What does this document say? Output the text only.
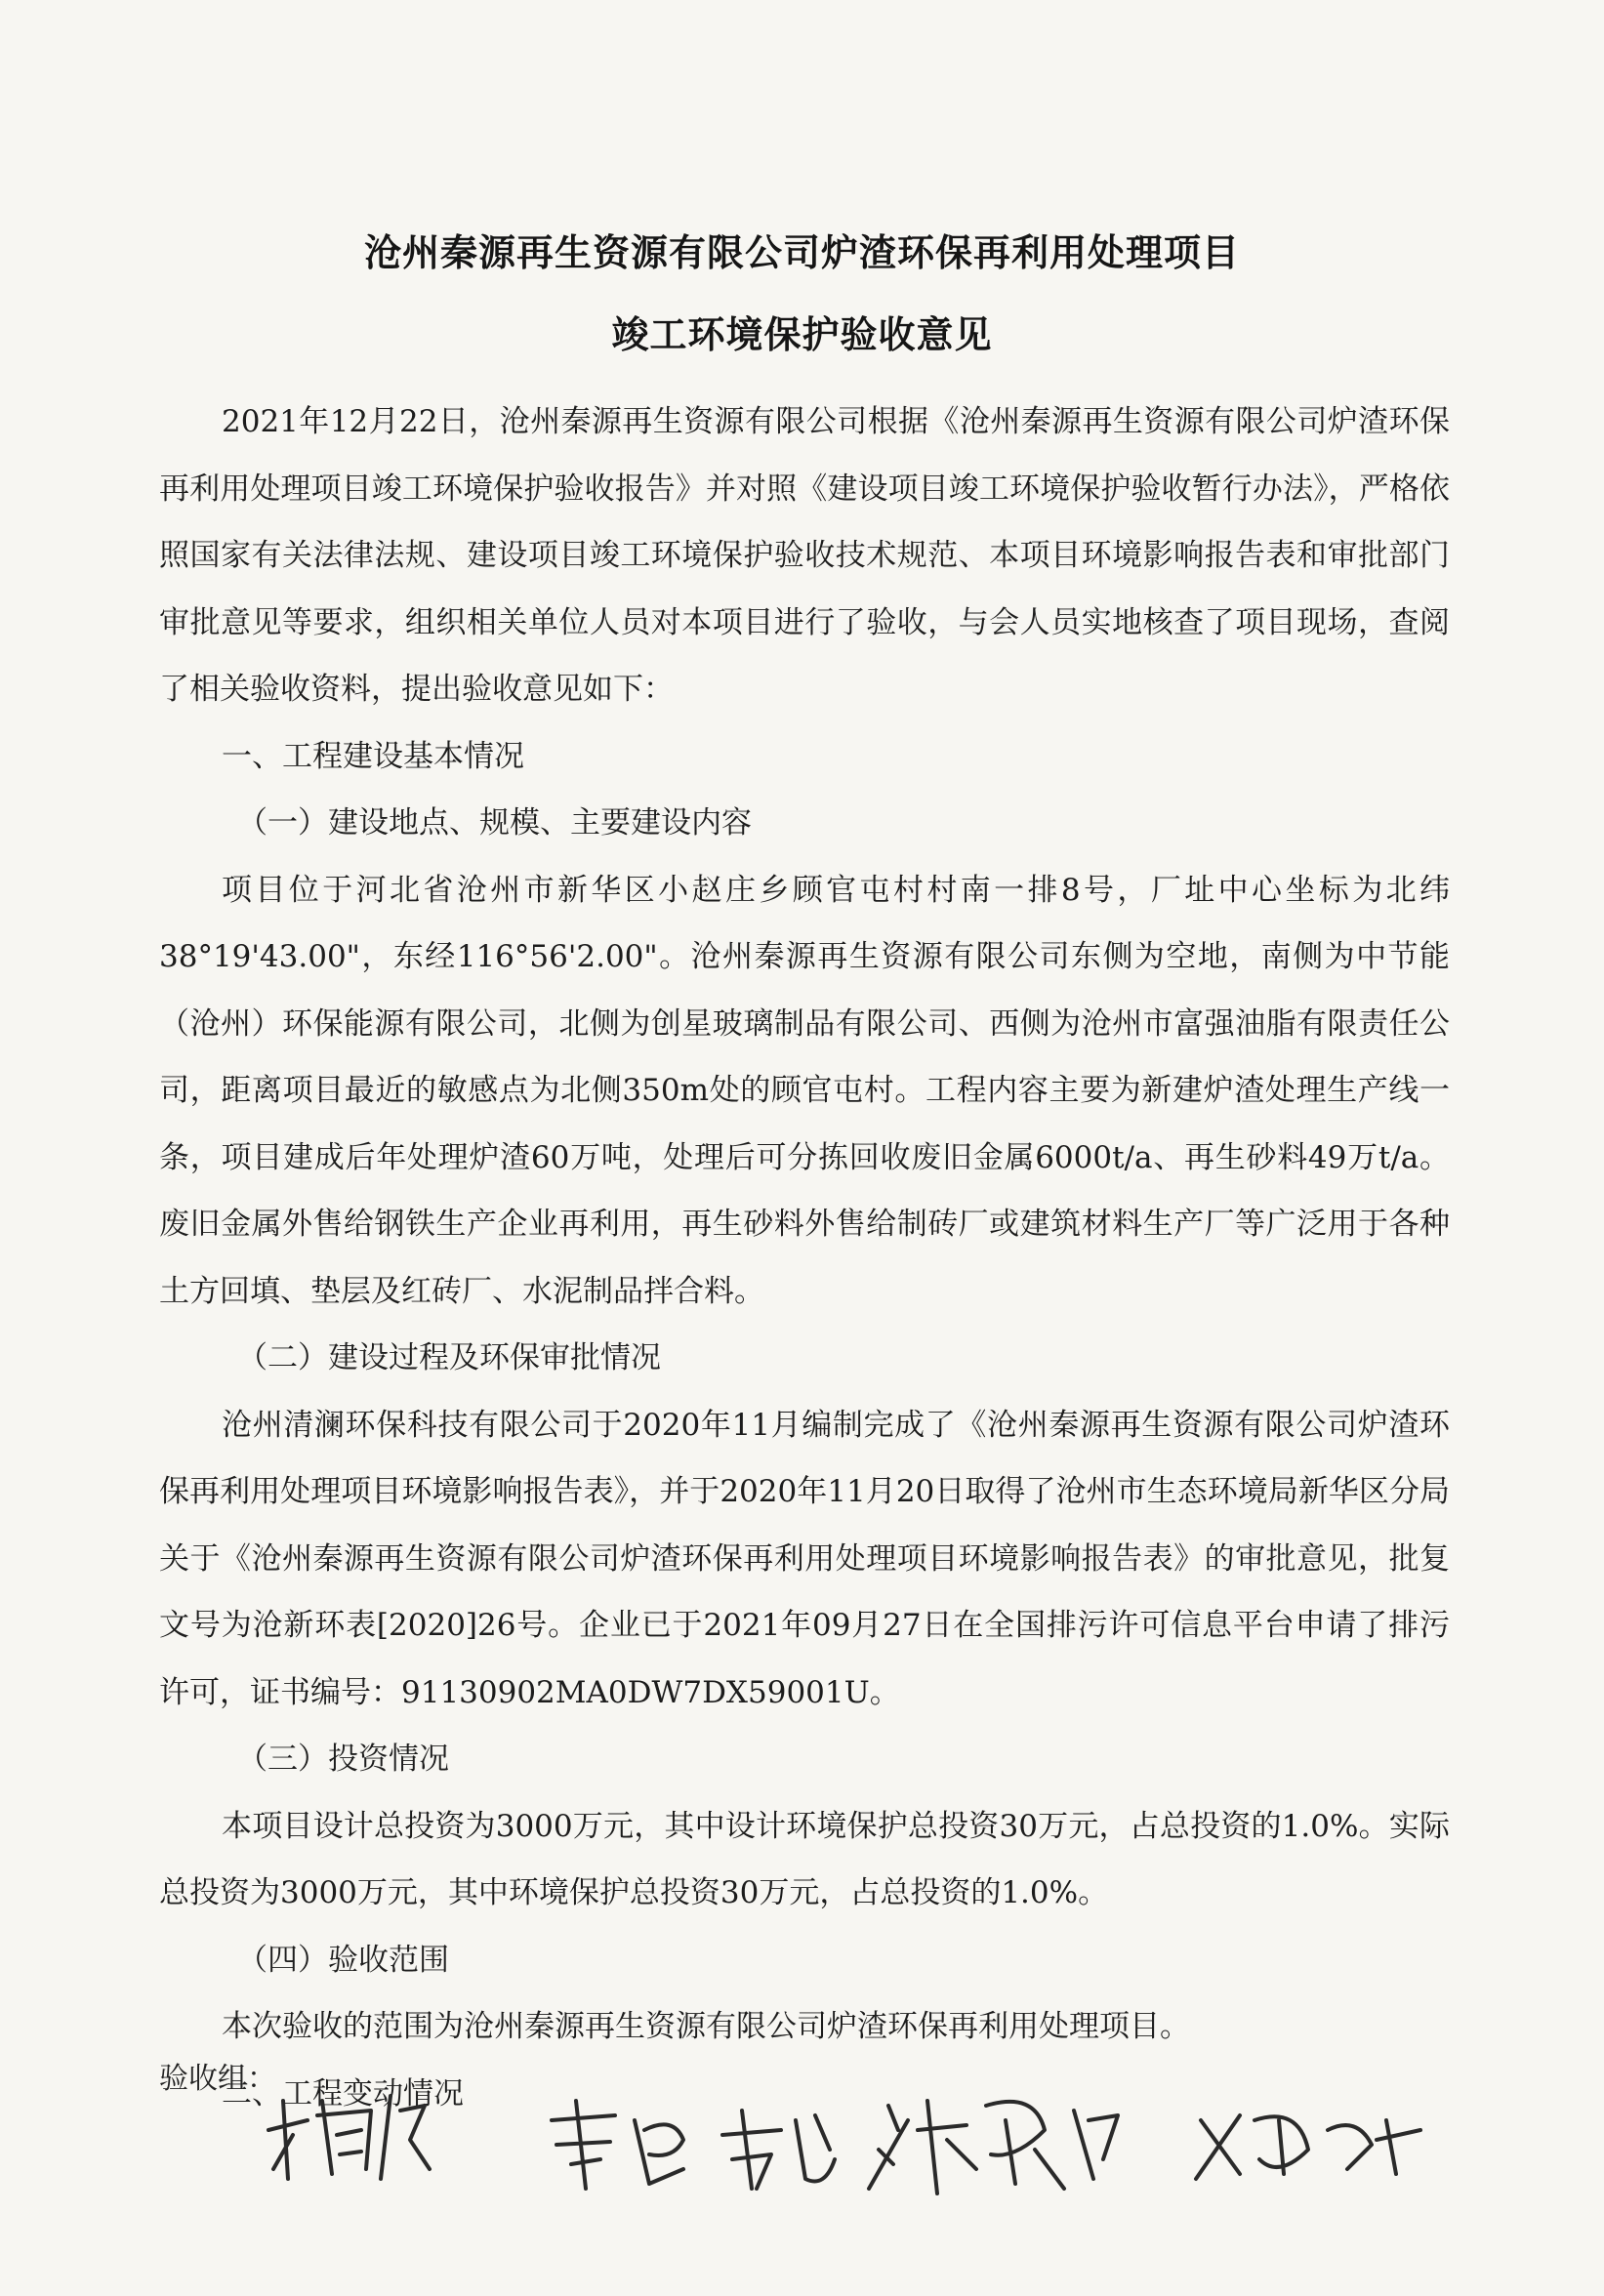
沧州秦源再生资源有限公司炉渣环保再利用处理项目
竣工环境保护验收意见

2021年12月22日，沧州秦源再生资源有限公司根据《沧州秦源再生资源有限公司炉渣环保再利用处理项目竣工环境保护验收报告》并对照《建设项目竣工环境保护验收暂行办法》，严格依照国家有关法律法规、建设项目竣工环境保护验收技术规范、本项目环境影响报告表和审批部门审批意见等要求，组织相关单位人员对本项目进行了验收，与会人员实地核查了项目现场，查阅了相关验收资料，提出验收意见如下：

一、工程建设基本情况

（一）建设地点、规模、主要建设内容

项目位于河北省沧州市新华区小赵庄乡顾官屯村村南一排8号，厂址中心坐标为北纬38°19'43.00"，东经116°56'2.00"。沧州秦源再生资源有限公司东侧为空地，南侧为中节能（沧州）环保能源有限公司，北侧为创星玻璃制品有限公司、西侧为沧州市富强油脂有限责任公司，距离项目最近的敏感点为北侧350m处的顾官屯村。工程内容主要为新建炉渣处理生产线一条，项目建成后年处理炉渣60万吨，处理后可分拣回收废旧金属6000t/a、再生砂料49万t/a。废旧金属外售给钢铁生产企业再利用，再生砂料外售给制砖厂或建筑材料生产厂等广泛用于各种土方回填、垫层及红砖厂、水泥制品拌合料。

（二）建设过程及环保审批情况

沧州清澜环保科技有限公司于2020年11月编制完成了《沧州秦源再生资源有限公司炉渣环保再利用处理项目环境影响报告表》，并于2020年11月20日取得了沧州市生态环境局新华区分局关于《沧州秦源再生资源有限公司炉渣环保再利用处理项目环境影响报告表》的审批意见，批复文号为沧新环表[2020]26号。企业已于2021年09月27日在全国排污许可信息平台申请了排污许可，证书编号：91130902MA0DW7DX59001U。

（三）投资情况

本项目设计总投资为3000万元，其中设计环境保护总投资30万元，占总投资的1.0%。实际总投资为3000万元，其中环境保护总投资30万元，占总投资的1.0%。

（四）验收范围

本次验收的范围为沧州秦源再生资源有限公司炉渣环保再利用处理项目。

二、工程变动情况

验收组：
